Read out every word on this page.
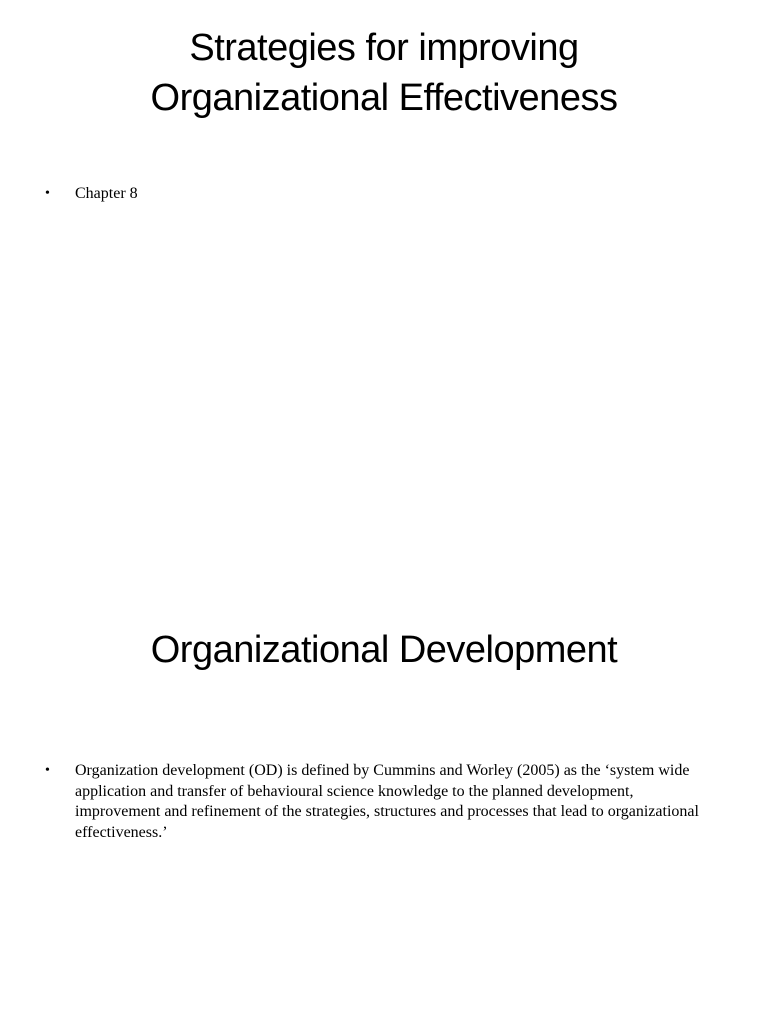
Strategies for improving
Organizational Effectiveness
• Chapter 8
Organizational Development
• Organization development (OD) is defined by Cummins and Worley (2005) as the ‘system wide application and transfer of behavioural science knowledge to the planned development, improvement and refinement of the strategies, structures and processes that lead to organizational effectiveness.’
